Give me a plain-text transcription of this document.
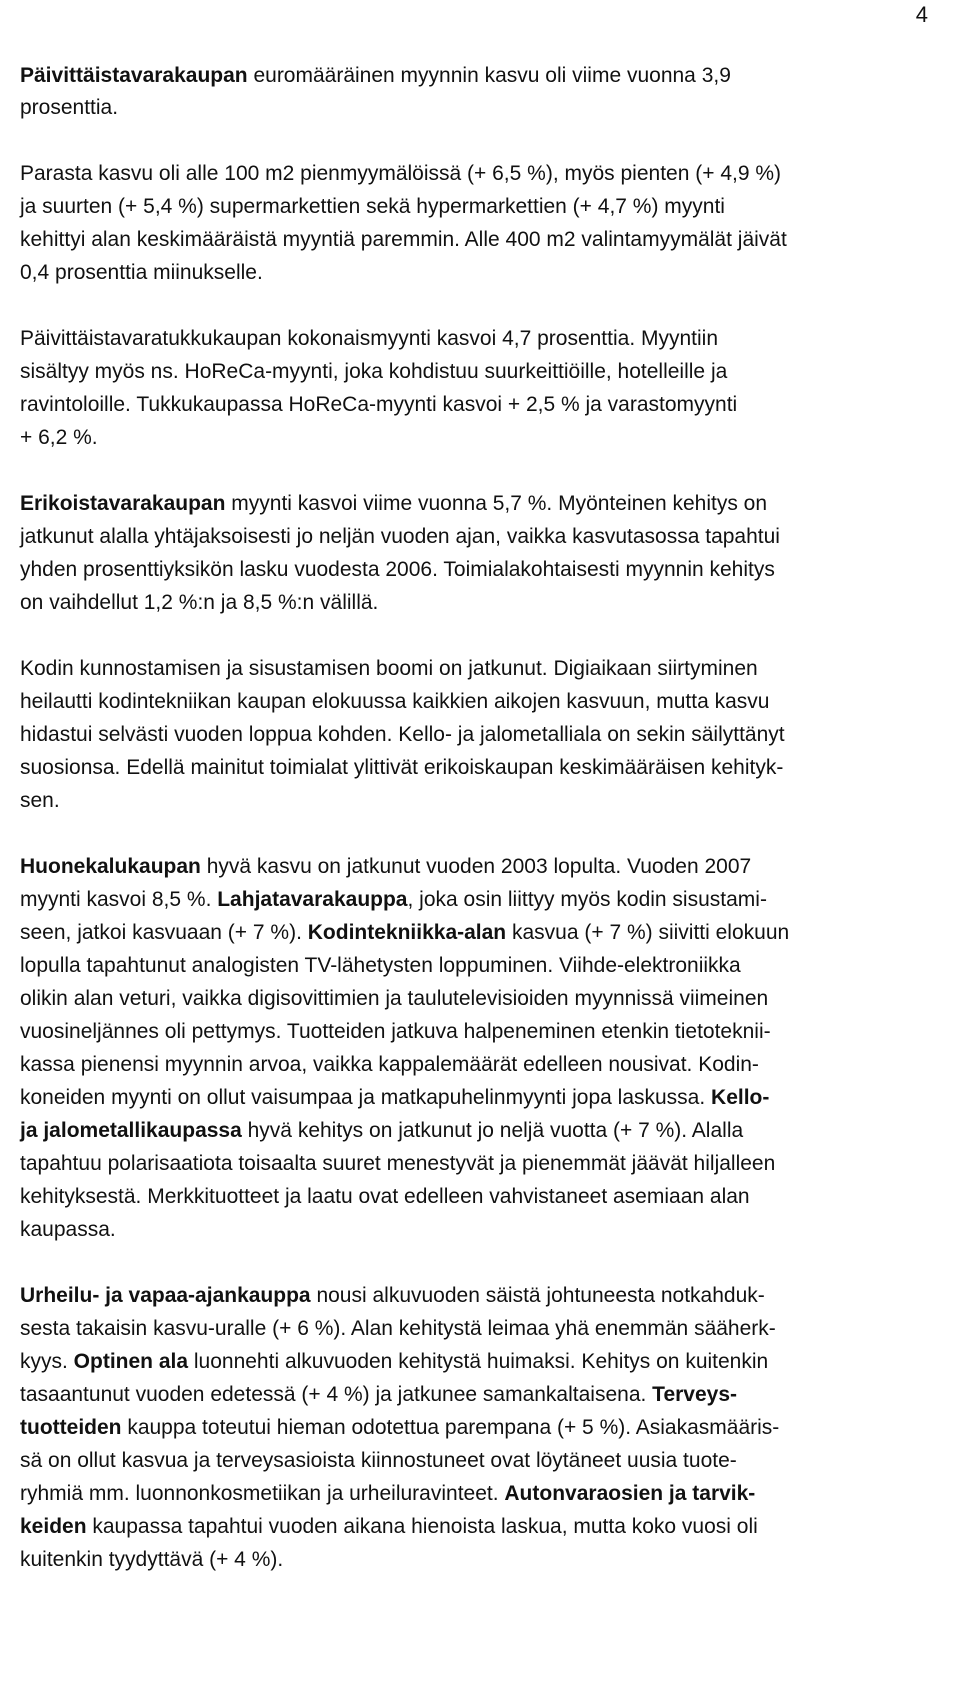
4
Päivittäistavarakaupan euromääräinen myynnin kasvu oli viime vuonna 3,9
prosenttia.
Parasta kasvu oli alle 100 m2 pienmyymälöissä (+ 6,5 %), myös pienten (+ 4,9 %)
ja suurten (+ 5,4 %) supermarkettien sekä hypermarkettien (+ 4,7 %) myynti
kehittyi alan keskimääräistä myyntiä paremmin. Alle 400 m2 valintamyymälät jäivät
0,4 prosenttia miinukselle.
Päivittäistavaratukkukaupan kokonaismyynti kasvoi 4,7 prosenttia. Myyntiin
sisältyy myös ns. HoReCa-myynti, joka kohdistuu suurkeittiöille, hotelleille ja
ravintoloille. Tukkukaupassa HoReCa-myynti kasvoi + 2,5 % ja varastomyynti
+ 6,2 %.
Erikoistavarakaupan myynti kasvoi viime vuonna 5,7 %. Myönteinen kehitys on
jatkunut alalla yhtäjaksoisesti jo neljän vuoden ajan, vaikka kasvutasossa tapahtui
yhden prosenttiyksikön lasku vuodesta 2006. Toimialakohtaisesti myynnin kehitys
on vaihdellut 1,2 %:n ja 8,5 %:n välillä.
Kodin kunnostamisen ja sisustamisen boomi on jatkunut. Digiaikaan siirtyminen
heilautti kodintekniikan kaupan elokuussa kaikkien aikojen kasvuun, mutta kasvu
hidastui selvästi vuoden loppua kohden. Kello- ja jalometalliala on sekin säilyttänyt
suosionsa. Edellä mainitut toimialat ylittivät erikoiskaupan keskimääräisen kehityk-
sen.
Huonekalukaupan hyvä kasvu on jatkunut vuoden 2003 lopulta. Vuoden 2007
myynti kasvoi 8,5 %. Lahjatavarakauppa, joka osin liittyy myös kodin sisustami-
seen, jatkoi kasvuaan (+ 7 %). Kodintekniikka-alan kasvua (+ 7 %) siivitti elokuun
lopulla tapahtunut analogisten TV-lähetysten loppuminen. Viihde-elektroniikka
olikin alan veturi, vaikka digisovittimien ja taulutelevisioiden myynnissä viimeinen
vuosineljännes oli pettymys. Tuotteiden jatkuva halpeneminen etenkin tietotekniі-
kassa pienensi myynnin arvoa, vaikka kappalemäärät edelleen nousivat. Kodin-
koneiden myynti on ollut vaisumpaa ja matkapuhelinmyynti jopa laskussa. Kello-
ja jalometallikaupassa hyvä kehitys on jatkunut jo neljä vuotta (+ 7 %). Alalla
tapahtuu polarisaatiota toisaalta suuret menestyvät ja pienemmät jäävät hiljalleen
kehityksestä. Merkkituotteet ja laatu ovat edelleen vahvistaneet asemiaan alan
kaupassa.
Urheilu- ja vapaa-ajankauppa nousi alkuvuoden säistä johtuneesta notkahduk-
sesta takaisin kasvu-uralle (+ 6 %). Alan kehitystä leimaa yhä enemmän sääherk-
kyys. Optinen ala luonnehti alkuvuoden kehitystä huimaksi. Kehitys on kuitenkin
tasaantunut vuoden edetessä (+ 4 %) ja jatkunee samankaltaisena. Terveys-
tuotteiden kauppa toteutui hieman odotettua parempana (+ 5 %). Asiakasmääris-
sä on ollut kasvua ja terveysasioista kiinnostuneet ovat löytäneet uusia tuote-
ryhmiä mm. luonnonkosmetiikan ja urheiluravinteet. Autonvaraosien ja tarvik-
keiden kaupassa tapahtui vuoden aikana hienoista laskua, mutta koko vuosi oli
kuitenkin tyydyttävä (+ 4 %).
